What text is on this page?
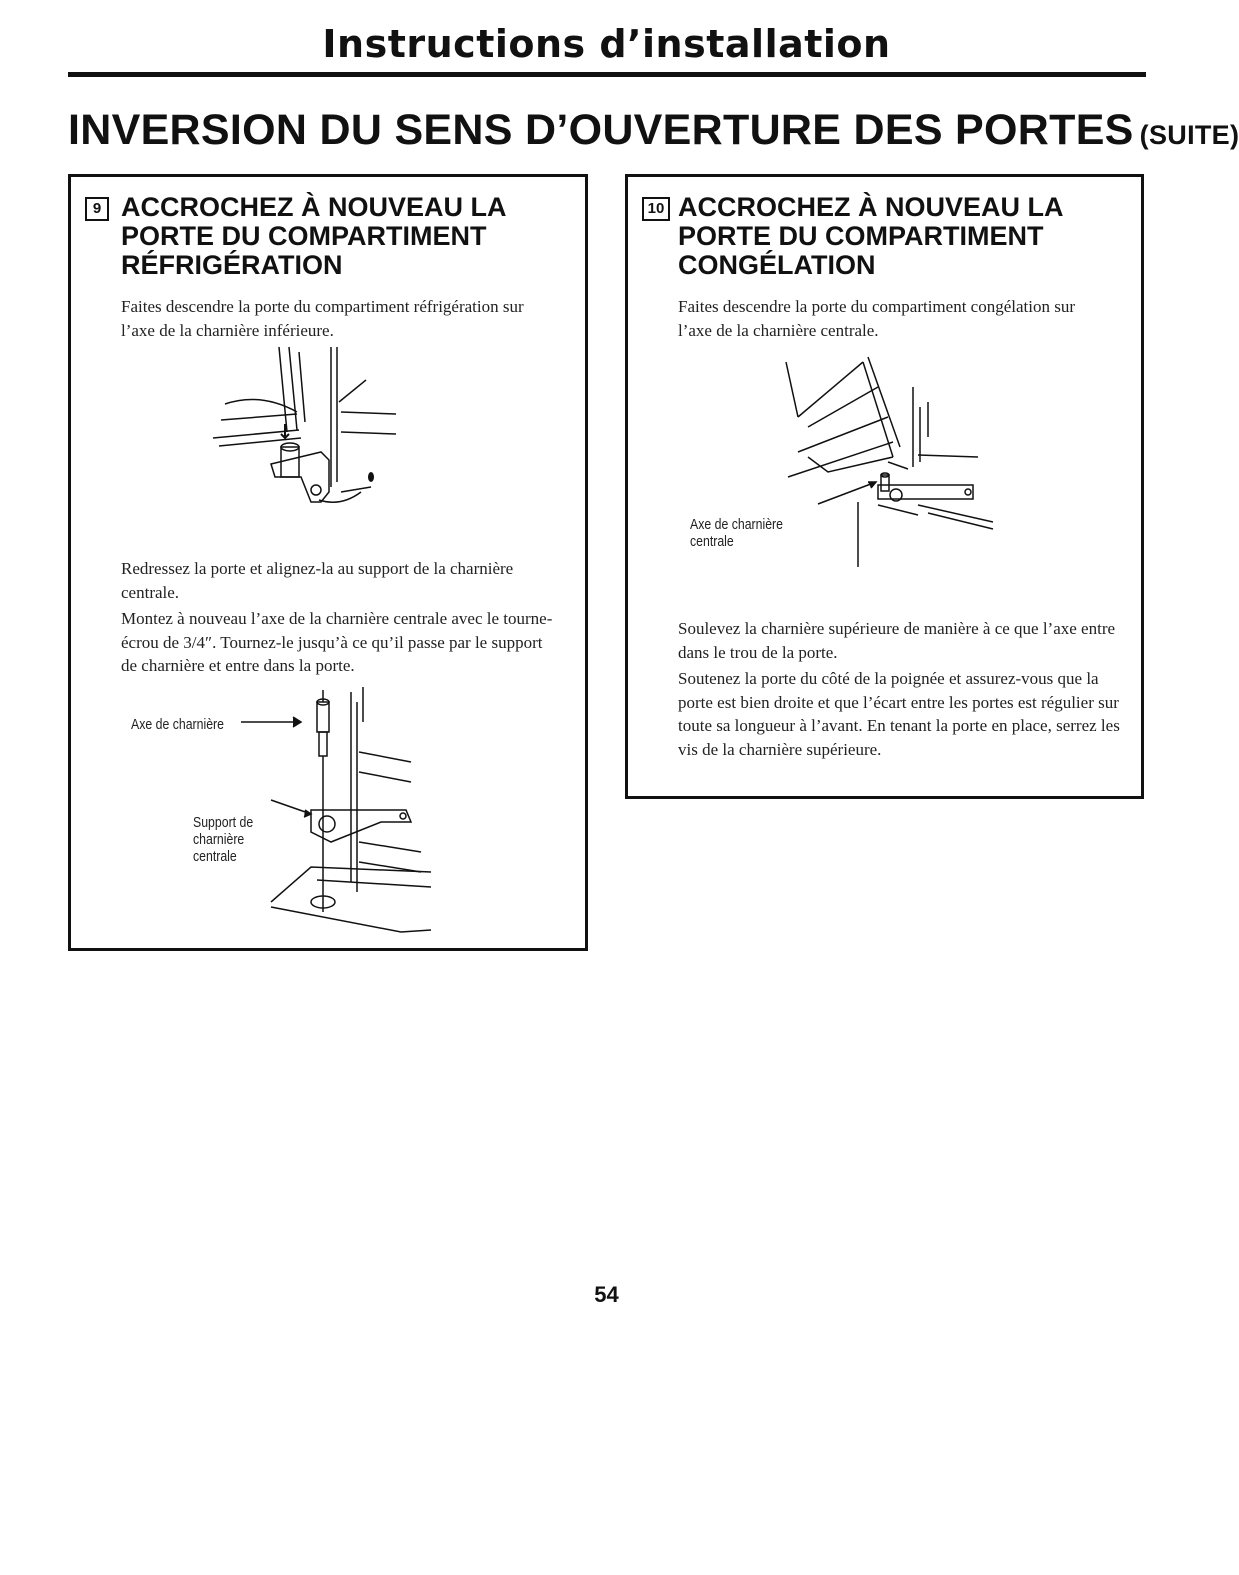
Instructions d’installation
INVERSION DU SENS D’OUVERTURE DES PORTES (SUITE)
9 ACCROCHEZ À NOUVEAU LA
PORTE DU COMPARTIMENT
RÉFRIGÉRATION

Faites descendre la porte du compartiment réfrigération sur l’axe de la charnière inférieure.

Redressez la porte et alignez-la au support de la charnière centrale.

Montez à nouveau l’axe de la charnière centrale avec le tourne-écrou de 3/4″. Tournez-le jusqu’à ce qu’il passe par le support de charnière et entre dans la porte.

Axe de charnière
Support de
charnière
centrale
10 ACCROCHEZ À NOUVEAU LA
PORTE DU COMPARTIMENT
CONGÉLATION

Faites descendre la porte du compartiment congélation sur l’axe de la charnière centrale.

Axe de charnière
centrale

Soulevez la charnière supérieure de manière à ce que l’axe entre dans le trou de la porte.

Soutenez la porte du côté de la poignée et assurez-vous que la porte est bien droite et que l’écart entre les portes est régulier sur toute sa longueur à l’avant. En tenant la porte en place, serrez les vis de la charnière supérieure.

54
